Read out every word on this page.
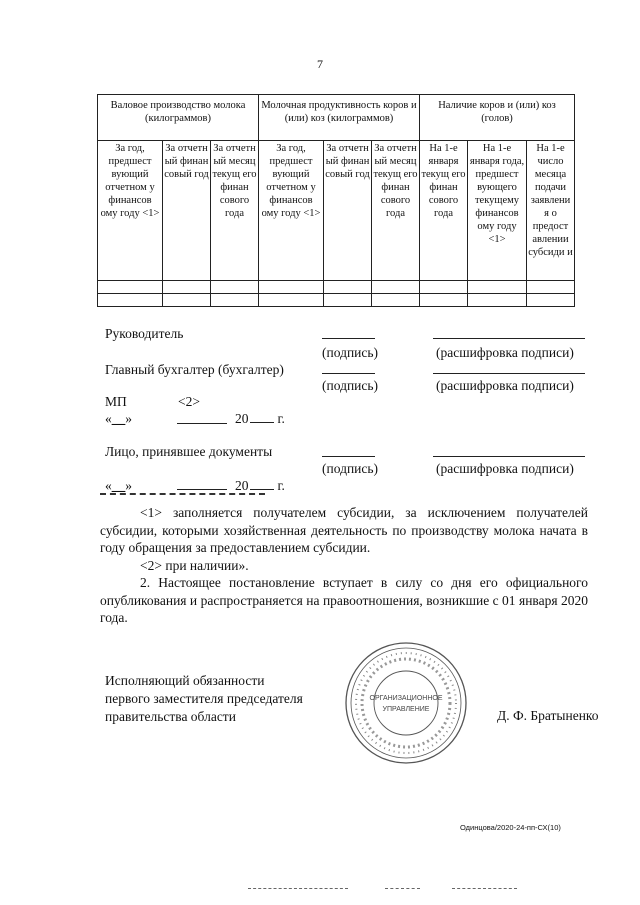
7
Валовое производство молока (килограммов)			Молочная продуктивность коров и (или) коз (килограммов)			Наличие коров и (или) коз (голов)		
За год, предшест вующий отчетном у финансов ому году <1>	За отчетн ый финан совый год	За отчетн ый месяц текущ его финан сового года	За год, предшест вующий отчетном у финансов ому году <1>	За отчетн ый финан совый год	За отчетн ый месяц текущ его финан сового года	На 1-е января текущ его финан сового года	На 1-е января года, предшест вующего текущему финансов ому году <1>	На 1-е число месяца подачи заявлени я о предост авлении субсиди и

Руководитель
(подпись)	(расшифровка подписи)
Главный бухгалтер (бухгалтер)
(подпись)	(расшифровка подписи)
МП	<2>
«__»	20 г.
Лицо, принявшее документы
(подпись)	(расшифровка подписи)
«__»	20 г.
<1> заполняется получателем субсидии, за исключением получателей субсидии, которыми хозяйственная деятельность по производству молока начата в году обращения за предоставлением субсидии.
<2> при наличии».
2. Настоящее постановление вступает в силу со дня его официального опубликования и распространяется на правоотношения, возникшие с 01 января 2020 года.
Исполняющий обязанности
первого заместителя председателя
правительства области
ОРГАНИЗАЦИОННОЕ
УПРАВЛЕНИЕ	Д. Ф. Братыненко
Одинцова/2020-24-пп-СХ(10)
